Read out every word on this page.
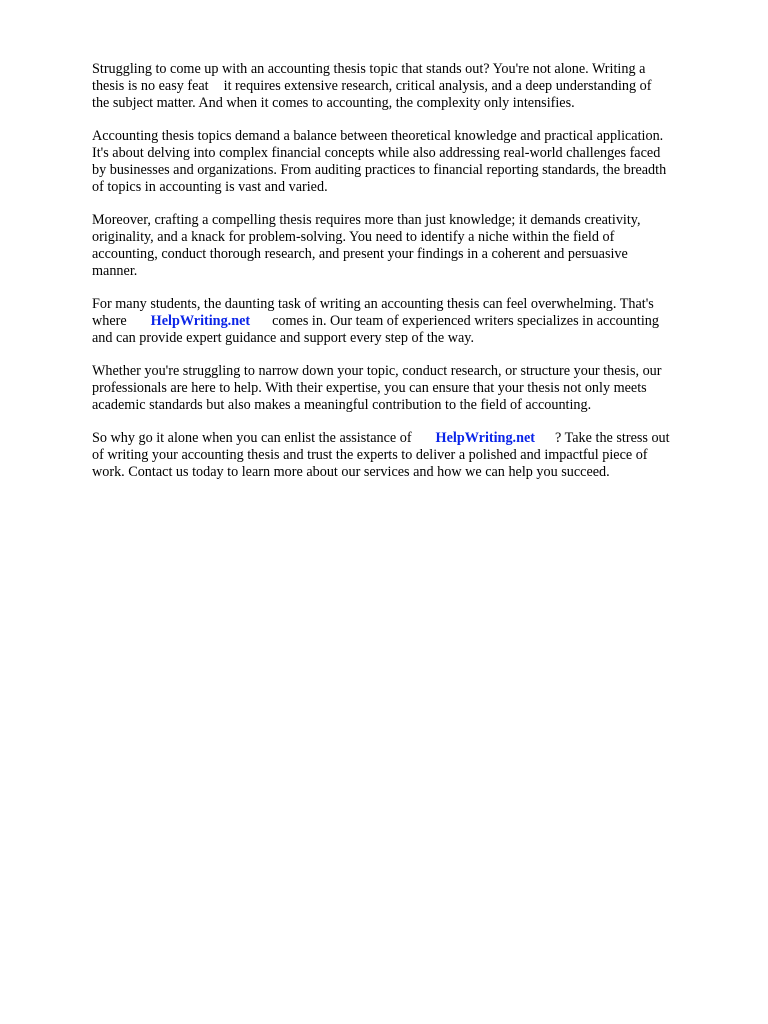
Struggling to come up with an accounting thesis topic that stands out? You're not alone. Writing a
thesis is no easy feat it requires extensive research, critical analysis, and a deep understanding of
the subject matter. And when it comes to accounting, the complexity only intensifies.

Accounting thesis topics demand a balance between theoretical knowledge and practical application.
It's about delving into complex financial concepts while also addressing real-world challenges faced
by businesses and organizations. From auditing practices to financial reporting standards, the breadth
of topics in accounting is vast and varied.

Moreover, crafting a compelling thesis requires more than just knowledge; it demands creativity,
originality, and a knack for problem-solving. You need to identify a niche within the field of
accounting, conduct thorough research, and present your findings in a coherent and persuasive
manner.

For many students, the daunting task of writing an accounting thesis can feel overwhelming. That's
where HelpWriting.net comes in. Our team of experienced writers specializes in accounting
and can provide expert guidance and support every step of the way.

Whether you're struggling to narrow down your topic, conduct research, or structure your thesis, our
professionals are here to help. With their expertise, you can ensure that your thesis not only meets
academic standards but also makes a meaningful contribution to the field of accounting.

So why go it alone when you can enlist the assistance of HelpWriting.net ? Take the stress out
of writing your accounting thesis and trust the experts to deliver a polished and impactful piece of
work. Contact us today to learn more about our services and how we can help you succeed.
